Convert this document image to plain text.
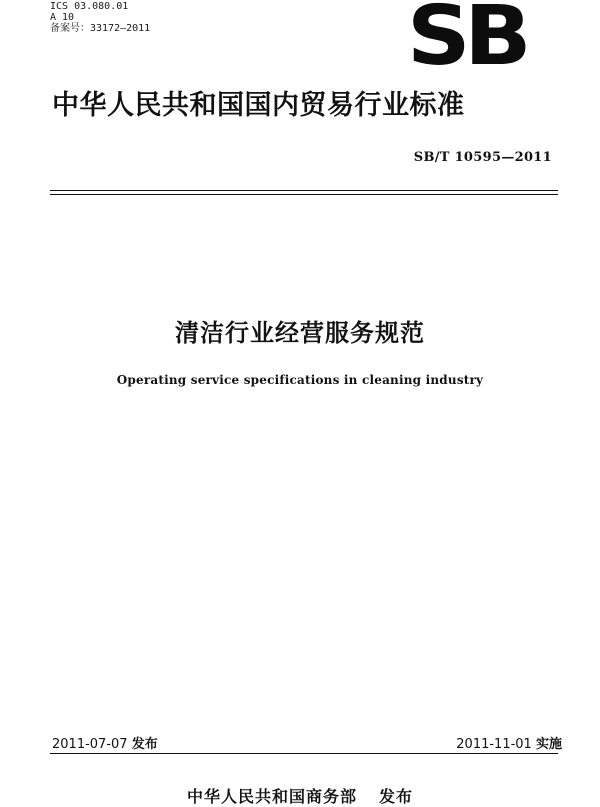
ICS 03.080.01
A 10
备案号：33172—2011	SB
中华人民共和国国内贸易行业标准
SB/T 10595—2011
清洁行业经营服务规范
Operating service specifications in cleaning industry
2011-07-07 发布	2011-11-01 实施
中华人民共和国商务部 发布
